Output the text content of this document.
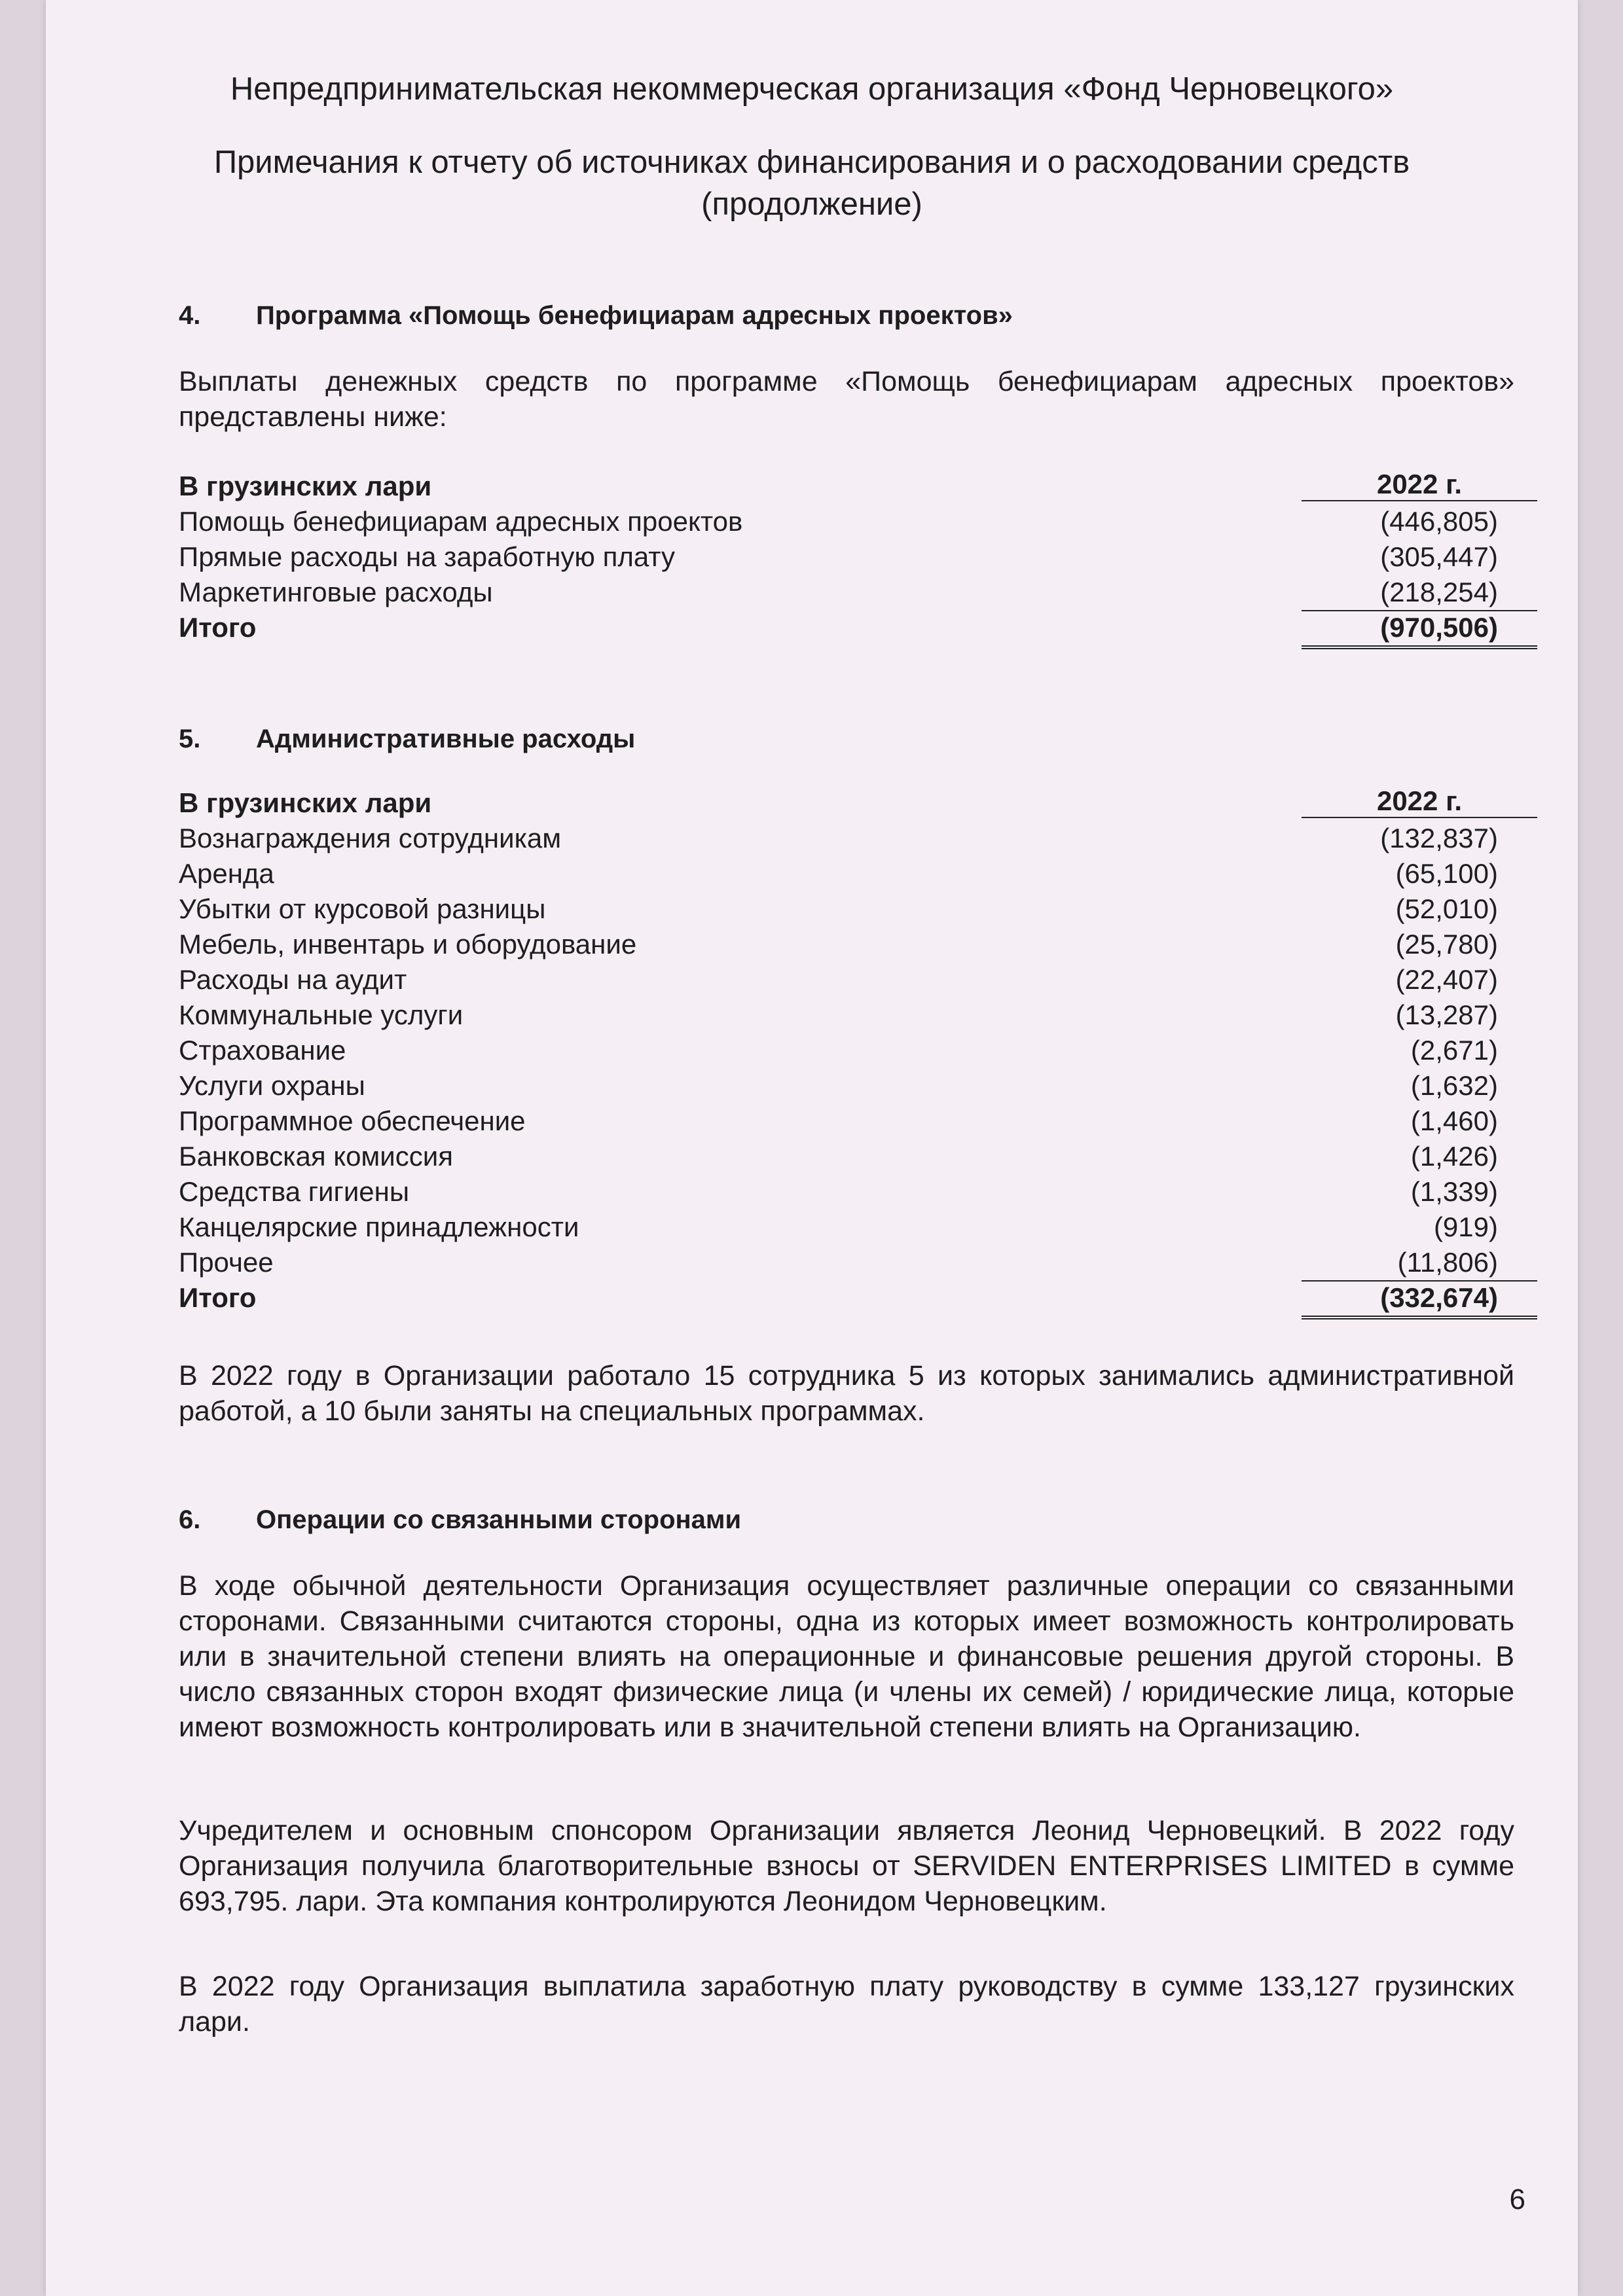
Непредпринимательская некоммерческая организация «Фонд Черновецкого»
Примечания к отчету об источниках финансирования и о расходовании средств
(продолжение)
4. Программа «Помощь бенефициарам адресных проектов»
Выплаты денежных средств по программе «Помощь бенефициарам адресных проектов» представлены ниже:
В грузинских лари	2022 г.
Помощь бенефициарам адресных проектов	(446,805)
Прямые расходы на заработную плату	(305,447)
Маркетинговые расходы	(218,254)
Итого	(970,506)
5. Административные расходы
В грузинских лари	2022 г.
Вознаграждения сотрудникам	(132,837)
Аренда	(65,100)
Убытки от курсовой разницы	(52,010)
Мебель, инвентарь и оборудование	(25,780)
Расходы на аудит	(22,407)
Коммунальные услуги	(13,287)
Страхование	(2,671)
Услуги охраны	(1,632)
Программное обеспечение	(1,460)
Банковская комиссия	(1,426)
Средства гигиены	(1,339)
Канцелярские принадлежности	(919)
Прочее	(11,806)
Итого	(332,674)
В 2022 году в Организации работало 15 сотрудника 5 из которых занимались административной работой, а 10 были заняты на специальных программах.
6. Операции со связанными сторонами
В ходе обычной деятельности Организация осуществляет различные операции со связанными сторонами. Связанными считаются стороны, одна из которых имеет возможность контролировать или в значительной степени влиять на операционные и финансовые решения другой стороны. В число связанных сторон входят физические лица (и члены их семей) / юридические лица, которые имеют возможность контролировать или в значительной степени влиять на Организацию.
Учредителем и основным спонсором Организации является Леонид Черновецкий. В 2022 году Организация получила благотворительные взносы от SERVIDEN ENTERPRISES LIMITED в сумме 693,795. лари. Эта компания контролируются Леонидом Черновецким.
В 2022 году Организация выплатила заработную плату руководству в сумме 133,127 грузинских лари.
6
